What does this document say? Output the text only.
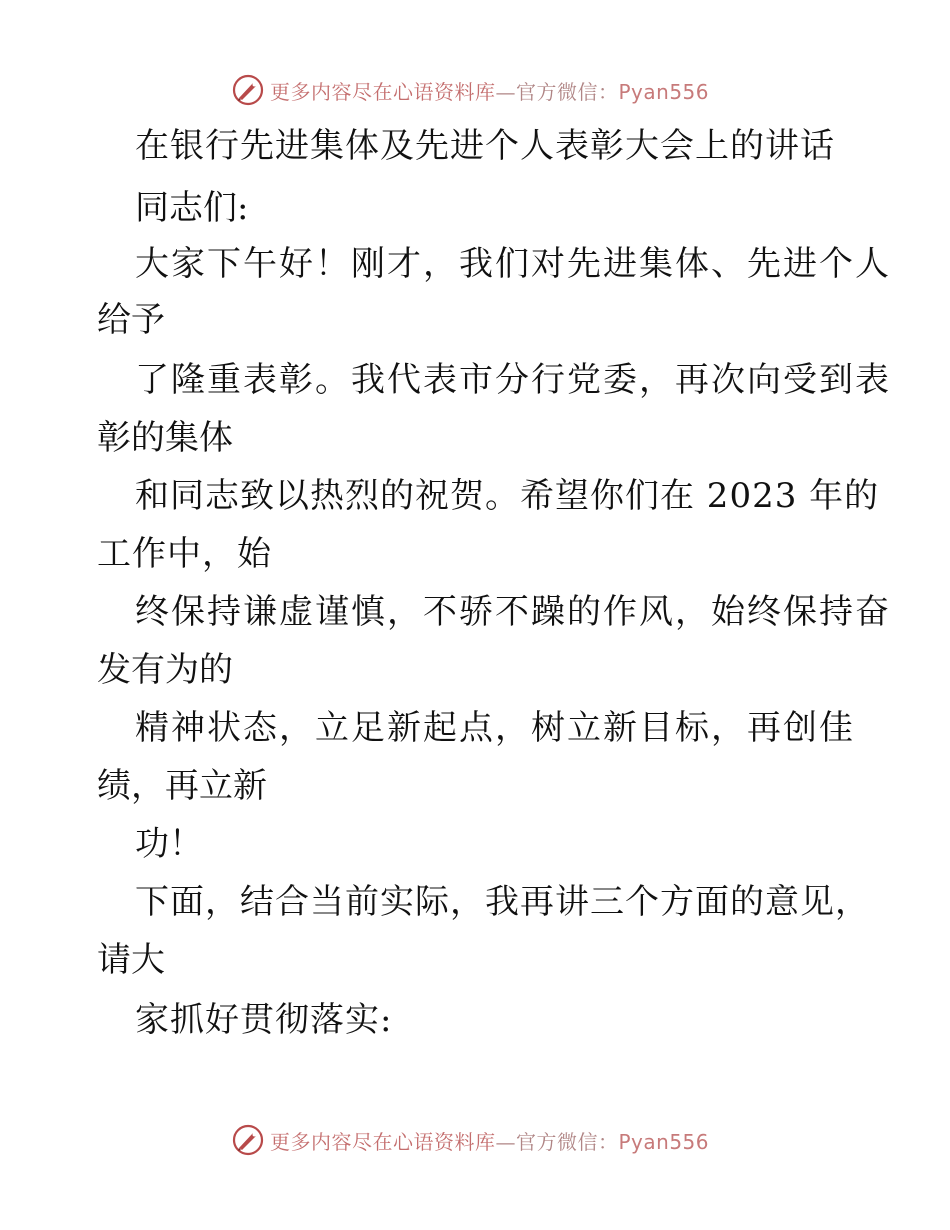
更多内容尽在心语资料库—官方微信：Pyan556
在银行先进集体及先进个人表彰大会上的讲话
同志们:
大家下午好！刚才，我们对先进集体、先进个人
给予
了隆重表彰。我代表市分行党委，再次向受到表
彰的集体
和同志致以热烈的祝贺。希望你们在 2023 年的
工作中，始
终保持谦虚谨慎，不骄不躁的作风，始终保持奋
发有为的
精神状态，立足新起点，树立新目标，再创佳
绩，再立新
功！
下面，结合当前实际，我再讲三个方面的意见，
请大
家抓好贯彻落实:
更多内容尽在心语资料库—官方微信：Pyan556
